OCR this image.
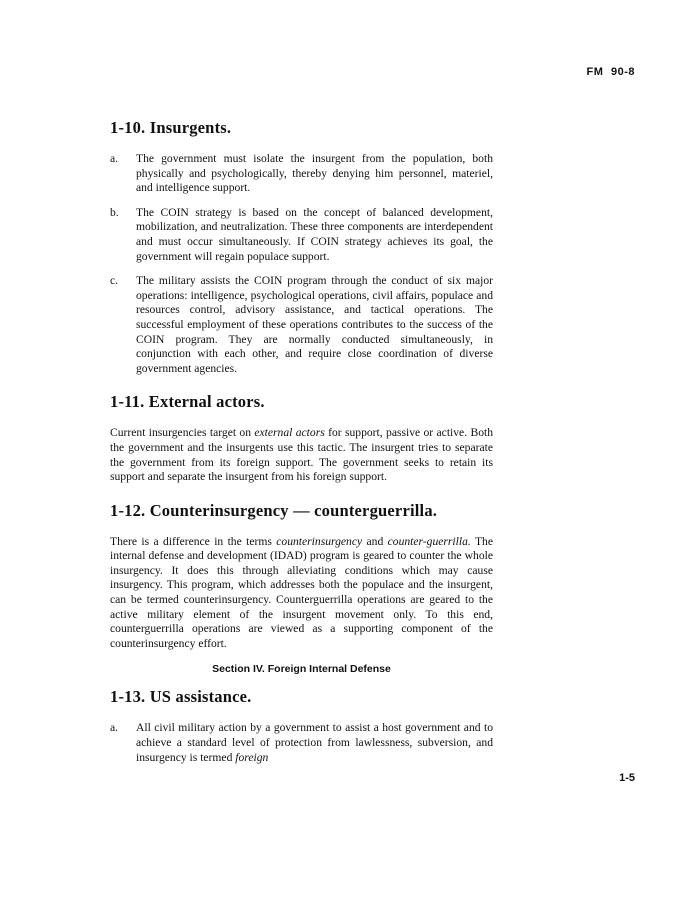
FM 90-8
1-10. Insurgents.
a.	The government must isolate the insurgent from the population, both physically and psychologically, thereby denying him personnel, materiel, and intelligence support.
b.	The COIN strategy is based on the concept of balanced development, mobilization, and neutralization. These three components are interdependent and must occur simultaneously. If COIN strategy achieves its goal, the government will regain populace support.
c.	The military assists the COIN program through the conduct of six major operations: intelligence, psychological operations, civil affairs, populace and resources control, advisory assistance, and tactical operations. The successful employment of these operations contributes to the success of the COIN program. They are normally conducted simultaneously, in conjunction with each other, and require close coordination of diverse government agencies.
1-11. External actors.

Current insurgencies target on external actors for support, passive or active. Both the government and the insurgents use this tactic. The insurgent tries to separate the government from its foreign support. The government seeks to retain its support and separate the insurgent from his foreign support.

1-12. Counterinsurgency — counterguerrilla.

There is a difference in the terms counterinsurgency and counter-guerrilla. The internal defense and development (IDAD) program is geared to counter the whole insurgency. It does this through alleviating conditions which may cause insurgency. This program, which addresses both the populace and the insurgent, can be termed counterinsurgency. Counterguerrilla operations are geared to the active military element of the insurgent movement only. To this end, counterguerrilla operations are viewed as a supporting component of the counterinsurgency effort.

Section IV. Foreign Internal Defense
1-13. US assistance.
a.	All civil military action by a government to assist a host government and to achieve a standard level of protection from lawlessness, subversion, and insurgency is termed foreign
1-5
